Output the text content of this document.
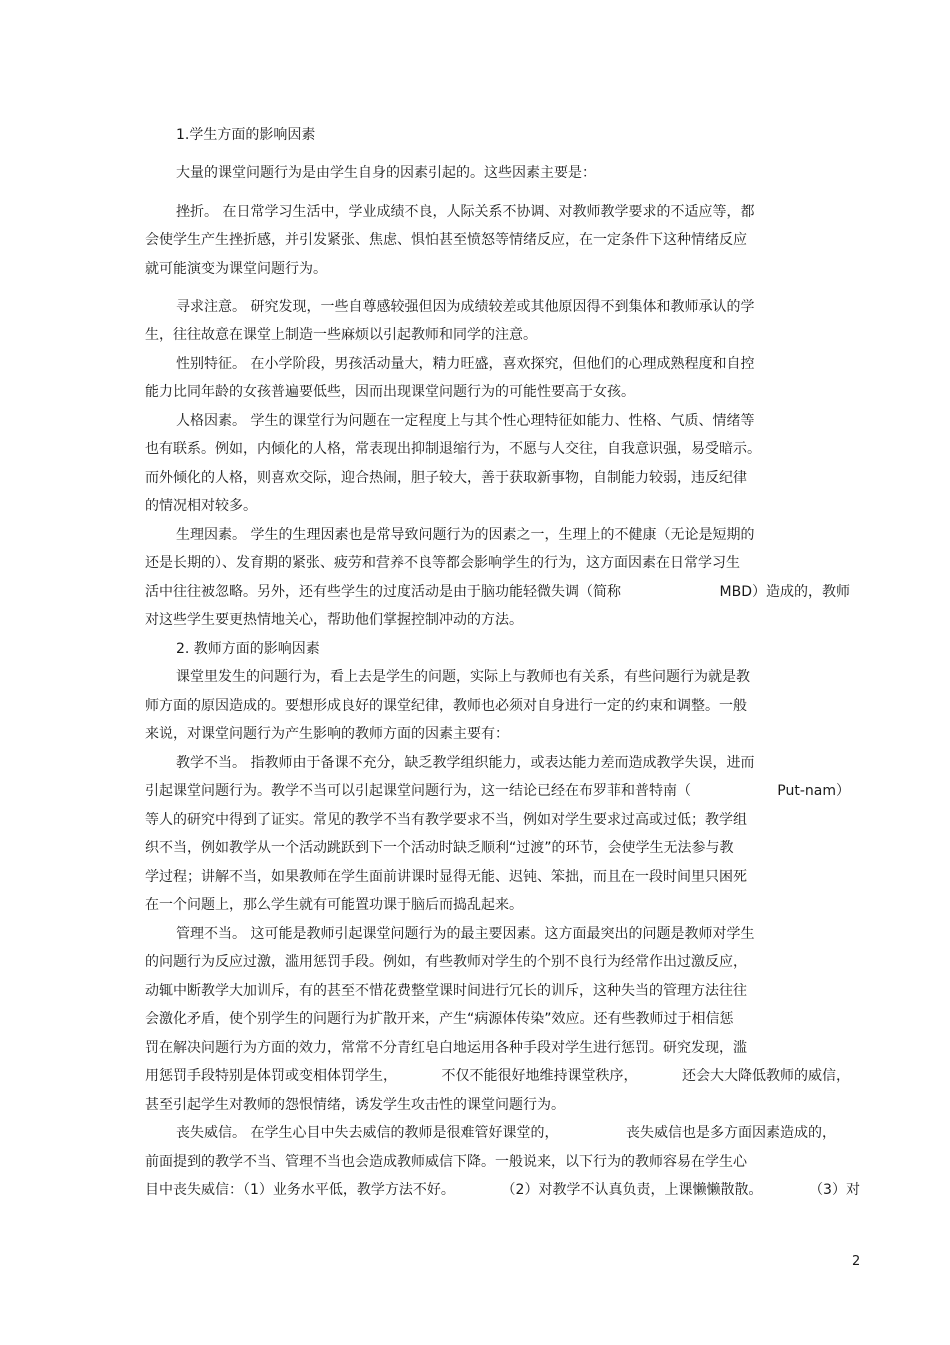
1.学生方面的影响因素
大量的课堂问题行为是由学生自身的因素引起的。这些因素主要是：
挫折。 在日常学习生活中，学业成绩不良，人际关系不协调、对教师教学要求的不适应等，都
会使学生产生挫折感，并引发紧张、焦虑、惧怕甚至愤怒等情绪反应，在一定条件下这种情绪反应
就可能演变为课堂问题行为。
寻求注意。 研究发现，一些自尊感较强但因为成绩较差或其他原因得不到集体和教师承认的学
生，往往故意在课堂上制造一些麻烦以引起教师和同学的注意。
性别特征。 在小学阶段，男孩活动量大，精力旺盛，喜欢探究，但他们的心理成熟程度和自控
能力比同年龄的女孩普遍要低些，因而出现课堂问题行为的可能性要高于女孩。
人格因素。 学生的课堂行为问题在一定程度上与其个性心理特征如能力、性格、气质、情绪等
也有联系。例如，内倾化的人格，常表现出抑制退缩行为，不愿与人交往，自我意识强，易受暗示。
而外倾化的人格，则喜欢交际，迎合热闹，胆子较大，善于获取新事物，自制能力较弱，违反纪律
的情况相对较多。
生理因素。 学生的生理因素也是常导致问题行为的因素之一，生理上的不健康（无论是短期的
还是长期的）、发育期的紧张、疲劳和营养不良等都会影响学生的行为，这方面因素在日常学习生
活中往往被忽略。另外，还有些学生的过度活动是由于脑功能轻微失调（简称	MBD）造成的，教师
对这些学生要更热情地关心，帮助他们掌握控制冲动的方法。
2. 教师方面的影响因素
课堂里发生的问题行为，看上去是学生的问题，实际上与教师也有关系，有些问题行为就是教
师方面的原因造成的。要想形成良好的课堂纪律，教师也必须对自身进行一定的约束和调整。一般
来说，对课堂问题行为产生影响的教师方面的因素主要有：
教学不当。 指教师由于备课不充分，缺乏教学组织能力，或表达能力差而造成教学失误，进而
引起课堂问题行为。教学不当可以引起课堂问题行为，这一结论已经在布罗菲和普特南（	Put-nam）
等人的研究中得到了证实。常见的教学不当有教学要求不当，例如对学生要求过高或过低；教学组
织不当，例如教学从一个活动跳跃到下一个活动时缺乏顺利“过渡”的环节，会使学生无法参与教
学过程；讲解不当，如果教师在学生面前讲课时显得无能、迟钝、笨拙，而且在一段时间里只困死
在一个问题上，那么学生就有可能置功课于脑后而捣乱起来。
管理不当。 这可能是教师引起课堂问题行为的最主要因素。这方面最突出的问题是教师对学生
的问题行为反应过激，滥用惩罚手段。例如，有些教师对学生的个别不良行为经常作出过激反应，
动辄中断教学大加训斥，有的甚至不惜花费整堂课时间进行冗长的训斥，这种失当的管理方法往往
会激化矛盾，使个别学生的问题行为扩散开来，产生“病源体传染”效应。还有些教师过于相信惩
罚在解决问题行为方面的效力，常常不分青红皂白地运用各种手段对学生进行惩罚。研究发现，滥
用惩罚手段特别是体罚或变相体罚学生，	不仅不能很好地维持课堂秩序，	还会大大降低教师的威信，
甚至引起学生对教师的怨恨情绪，诱发学生攻击性的课堂问题行为。
丧失威信。 在学生心目中失去威信的教师是很难管好课堂的，	丧失威信也是多方面因素造成的，
前面提到的教学不当、管理不当也会造成教师威信下降。一般说来，以下行为的教师容易在学生心
目中丧失威信：（1）业务水平低，教学方法不好。	（2）对教学不认真负责，上课懒懒散散。	（3）对
2
